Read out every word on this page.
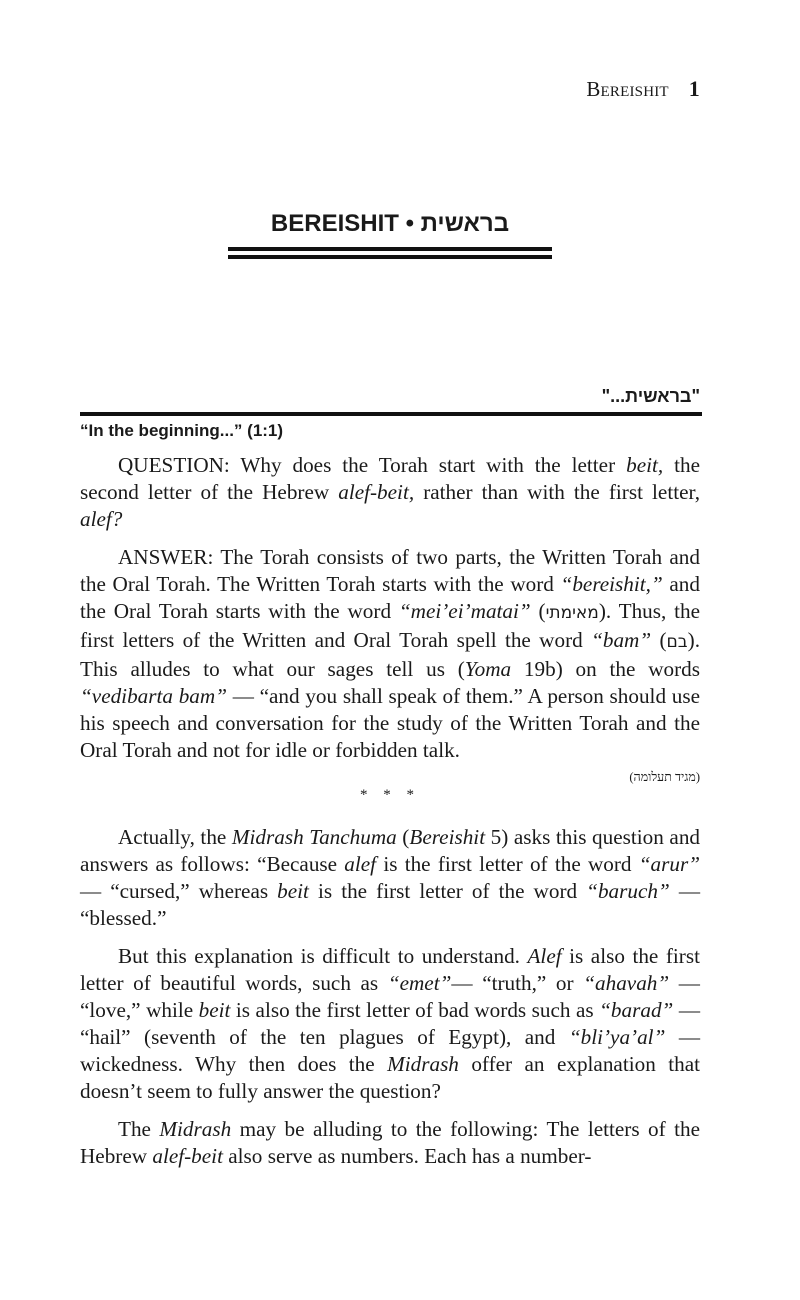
Bereishit 1
BEREISHIT • בראשית
"בראשית..."
“In the beginning...” (1:1)

QUESTION: Why does the Torah start with the letter beit, the second letter of the Hebrew alef-beit, rather than with the first letter, alef?

ANSWER: The Torah consists of two parts, the Written Torah and the Oral Torah. The Written Torah starts with the word “bereishit,” and the Oral Torah starts with the word “mei’ei’matai” (מאימתי). Thus, the first letters of the Written and Oral Torah spell the word “bam” (בם). This alludes to what our sages tell us (Yoma 19b) on the words “vedibarta bam” — “and you shall speak of them.” A person should use his speech and conversation for the study of the Written Torah and the Oral Torah and not for idle or forbidden talk.

(מגיד תעלומה)
* * *

Actually, the Midrash Tanchuma (Bereishit 5) asks this question and answers as follows: “Because alef is the first letter of the word “arur” — “cursed,” whereas beit is the first letter of the word “baruch” — “blessed.”

But this explanation is difficult to understand. Alef is also the first letter of beautiful words, such as “emet”— “truth,” or “ahavah” — “love,” while beit is also the first letter of bad words such as “barad” — “hail” (seventh of the ten plagues of Egypt), and “bli’ya’al” — wickedness. Why then does the Midrash offer an explanation that doesn’t seem to fully answer the question?

The Midrash may be alluding to the following: The letters of the Hebrew alef-beit also serve as numbers. Each has a number-
